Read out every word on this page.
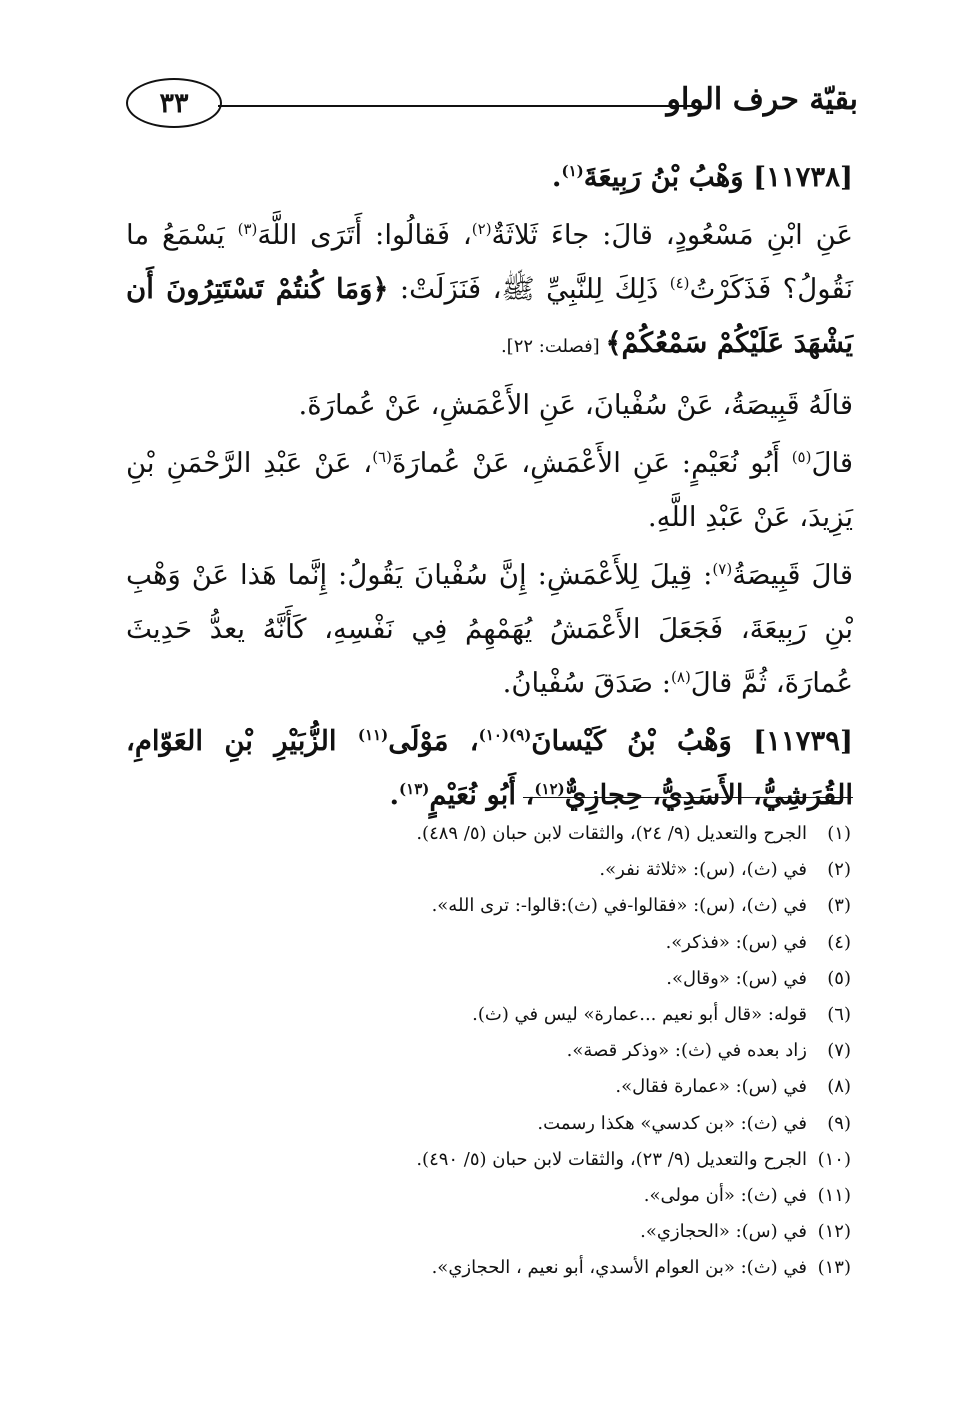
بقيّة حرف الواو
٣٣

[١١٧٣٨] وَهْبُ بْنُ رَبِيعَةَ$^{(١)}$.

عَنِ ابْنِ مَسْعُودٍ، قالَ: جاءَ ثَلاثَةٌ$^{(٢)}$، فَقالُوا: أَتَرَى اللَّهَ$^{(٣)}$ يَسْمَعُ ما نَقُولُ؟ فَذَكَرْتُ$^{(٤)}$ ذَلِكَ لِلنَّبِيِّ ﷺ، فَنَزَلَتْ: ﴿وَمَا كُنتُمْ تَسْتَتِرُونَ أَن يَشْهَدَ عَلَيْكُمْ سَمْعُكُمْ﴾ [فصلت: ٢٢].

قالَهُ قَبِيصَةُ، عَنْ سُفْيانَ، عَنِ الأَعْمَشِ، عَنْ عُمارَةَ.

قالَ$^{(٥)}$ أَبُو نُعَيْمٍ: عَنِ الأَعْمَشِ، عَنْ عُمارَةَ$^{(٦)}$، عَنْ عَبْدِ الرَّحْمَنِ بْنِ يَزِيدَ، عَنْ عَبْدِ اللَّهِ.

قالَ قَبِيصَةُ$^{(٧)}$: قِيلَ لِلأَعْمَشِ: إِنَّ سُفْيانَ يَقُولُ: إِنَّما هَذا عَنْ وَهْبِ بْنِ رَبِيعَةَ، فَجَعَلَ الأَعْمَشُ يُهَمْهِمُ فِي نَفْسِهِ، كَأَنَّهُ يعدُّ حَدِيثَ عُمارَةَ، ثُمَّ قالَ$^{(٨)}$: صَدَقَ سُفْيانُ.

[١١٧٣٩] وَهْبُ بْنُ كَيْسانَ$^{(٩)(١٠)}$، مَوْلَى$^{(١١)}$ الزُّبَيْرِ بْنِ العَوّامِ، القُرَشِيُّ، الأَسَدِيُّ، حِجازِيٌّ$^{(١٢)}$، أَبُو نُعَيْمٍ$^{(١٣)}$.

(١)الجرح والتعديل (٩/ ٢٤)، والثقات لابن حبان (٥/ ٤٨٩).
(٢)في (ث)، (س): «ثلاثة نفر».
(٣)في (ث)، (س): «فقالوا-في (ث):قالوا-: ترى الله».
(٤)في (س): «فذكر».
(٥)في (س): «وقال».
(٦)قوله: «قال أبو نعيم ...عمارة» ليس في (ث).
(٧)زاد بعده في (ث): «وذكر قصة».
(٨)في (س): «عمارة فقال».
(٩)في (ث): «بن كدسي» هكذا رسمت.
(١٠)الجرح والتعديل (٩/ ٢٣)، والثقات لابن حبان (٥/ ٤٩٠).
(١١)في (ث): «أن مولى».
(١٢)في (س): «الحجازي».
(١٣)في (ث): «بن العوام الأسدي، أبو نعيم ، الحجازي».
